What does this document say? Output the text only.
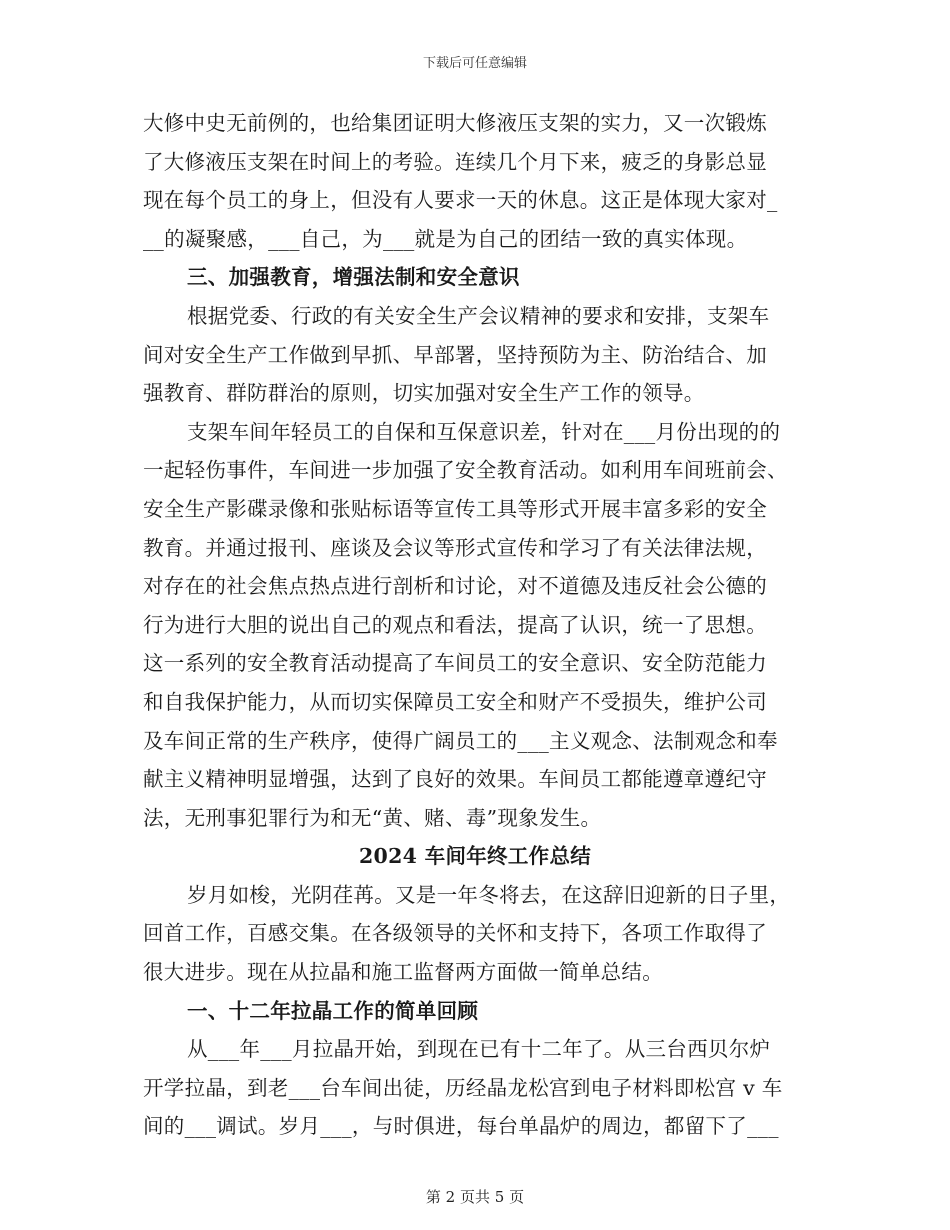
下载后可任意编辑
大修中史无前例的，也给集团证明大修液压支架的实力，又一次锻炼
了大修液压支架在时间上的考验。连续几个月下来，疲乏的身影总显
现在每个员工的身上，但没有人要求一天的休息。这正是体现大家对_
__的凝聚感，___自己，为___就是为自己的团结一致的真实体现。
三、加强教育，增强法制和安全意识
根据党委、行政的有关安全生产会议精神的要求和安排，支架车
间对安全生产工作做到早抓、早部署，坚持预防为主、防治结合、加
强教育、群防群治的原则，切实加强对安全生产工作的领导。
支架车间年轻员工的自保和互保意识差，针对在___月份出现的的
一起轻伤事件，车间进一步加强了安全教育活动。如利用车间班前会、
安全生产影碟录像和张贴标语等宣传工具等形式开展丰富多彩的安全
教育。并通过报刊、座谈及会议等形式宣传和学习了有关法律法规，
对存在的社会焦点热点进行剖析和讨论，对不道德及违反社会公德的
行为进行大胆的说出自己的观点和看法，提高了认识，统一了思想。
这一系列的安全教育活动提高了车间员工的安全意识、安全防范能力
和自我保护能力，从而切实保障员工安全和财产不受损失，维护公司
及车间正常的生产秩序，使得广阔员工的___主义观念、法制观念和奉
献主义精神明显增强，达到了良好的效果。车间员工都能遵章遵纪守
法，无刑事犯罪行为和无“黄、赌、毒”现象发生。
2024 车间年终工作总结
岁月如梭，光阴荏苒。又是一年冬将去，在这辞旧迎新的日子里，
回首工作，百感交集。在各级领导的关怀和支持下，各项工作取得了
很大进步。现在从拉晶和施工监督两方面做一简单总结。
一、十二年拉晶工作的简单回顾
从___年___月拉晶开始，到现在已有十二年了。从三台西贝尔炉
开学拉晶，到老___台车间出徒，历经晶龙松宫到电子材料即松宫 v 车
间的___调试。岁月___，与时俱进，每台单晶炉的周边，都留下了___
第 2 页共 5 页
